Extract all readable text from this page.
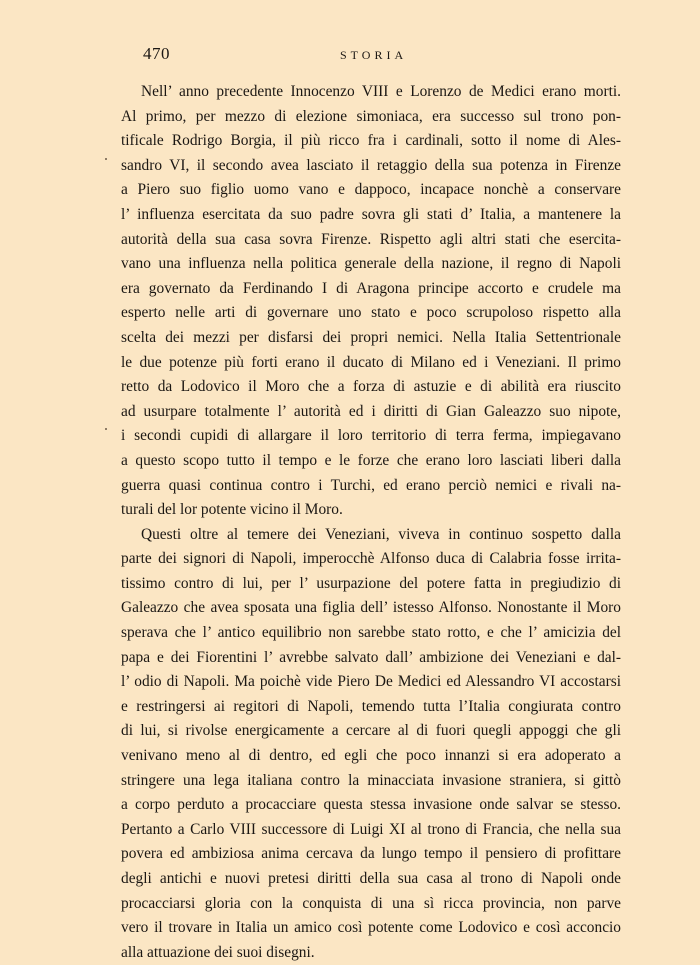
470	STORIA
Nell’ anno precedente Innocenzo VIII e Lorenzo de Medici erano morti.
Al primo, per mezzo di elezione simoniaca, era successo sul trono pon-
tificale Rodrigo Borgia, il più ricco fra i cardinali, sotto il nome di Ales-
sandro VI, il secondo avea lasciato il retaggio della sua potenza in Firenze
a Piero suo figlio uomo vano e dappoco, incapace nonchè a conservare
l’ influenza esercitata da suo padre sovra gli stati d’ Italia, a mantenere la
autorità della sua casa sovra Firenze. Rispetto agli altri stati che esercita-
vano una influenza nella politica generale della nazione, il regno di Napoli
era governato da Ferdinando I di Aragona principe accorto e crudele ma
esperto nelle arti di governare uno stato e poco scrupoloso rispetto alla
scelta dei mezzi per disfarsi dei propri nemici. Nella Italia Settentrionale
le due potenze più forti erano il ducato di Milano ed i Veneziani. Il primo
retto da Lodovico il Moro che a forza di astuzie e di abilità era riuscito
ad usurpare totalmente l’ autorità ed i diritti di Gian Galeazzo suo nipote,
i secondi cupidi di allargare il loro territorio di terra ferma, impiegavano
a questo scopo tutto il tempo e le forze che erano loro lasciati liberi dalla
guerra quasi continua contro i Turchi, ed erano perciò nemici e rivali na-
turali del lor potente vicino il Moro.
Questi oltre al temere dei Veneziani, viveva in continuo sospetto dalla
parte dei signori di Napoli, imperocchè Alfonso duca di Calabria fosse irrita-
tissimo contro di lui, per l’ usurpazione del potere fatta in pregiudizio di
Galeazzo che avea sposata una figlia dell’ istesso Alfonso. Nonostante il Moro
sperava che l’ antico equilibrio non sarebbe stato rotto, e che l’ amicizia del
papa e dei Fiorentini l’ avrebbe salvato dall’ ambizione dei Veneziani e dal-
l’ odio di Napoli. Ma poichè vide Piero De Medici ed Alessandro VI accostarsi
e restringersi ai regitori di Napoli, temendo tutta l’Italia congiurata contro
di lui, si rivolse energicamente a cercare al di fuori quegli appoggi che gli
venivano meno al di dentro, ed egli che poco innanzi si era adoperato a
stringere una lega italiana contro la minacciata invasione straniera, si gittò
a corpo perduto a procacciare questa stessa invasione onde salvar se stesso.
Pertanto a Carlo VIII successore di Luigi XI al trono di Francia, che nella sua
povera ed ambiziosa anima cercava da lungo tempo il pensiero di profittare
degli antichi e nuovi pretesi diritti della sua casa al trono di Napoli onde
procacciarsi gloria con la conquista di una sì ricca provincia, non parve
vero il trovare in Italia un amico così potente come Lodovico e così acconcio
alla attuazione dei suoi disegni.
